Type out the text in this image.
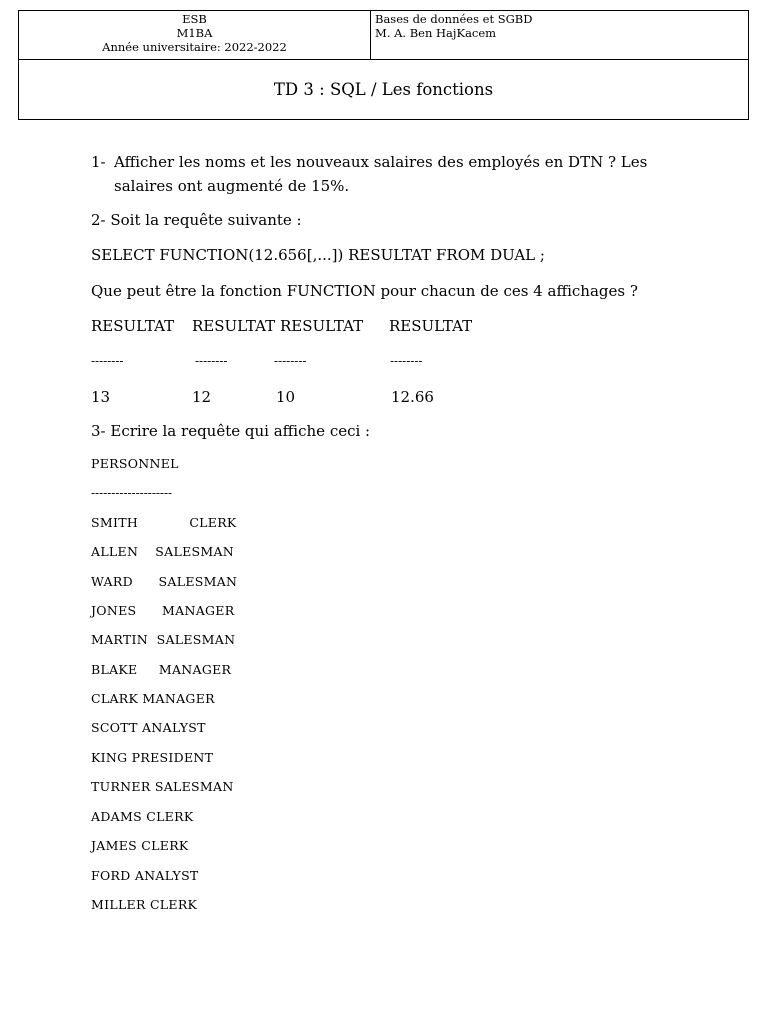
ESB
M1BA
Année universitaire: 2022-2022
Bases de données et SGBD
M. A. Ben HajKacem
TD 3 : SQL / Les fonctions
1- Afficher les noms et les nouveaux salaires des employés en DTN ? Les
salaires ont augmenté de 15%.
2- Soit la requête suivante :
SELECT FUNCTION(12.656[,...]) RESULTAT FROM DUAL ;
Que peut être la fonction FUNCTION pour chacun de ces 4 affichages ?
RESULTAT RESULTAT RESULTAT RESULTAT
--------	--------	--------	--------
13	12	10	12.66
3- Ecrire la requête qui affiche ceci :
PERSONNEL
--------------------
SMITH            CLERK
ALLEN    SALESMAN
WARD      SALESMAN
JONES      MANAGER
MARTIN  SALESMAN
BLAKE     MANAGER
CLARK MANAGER
SCOTT ANALYST
KING PRESIDENT
TURNER SALESMAN
ADAMS CLERK
JAMES CLERK
FORD ANALYST
MILLER CLERK
